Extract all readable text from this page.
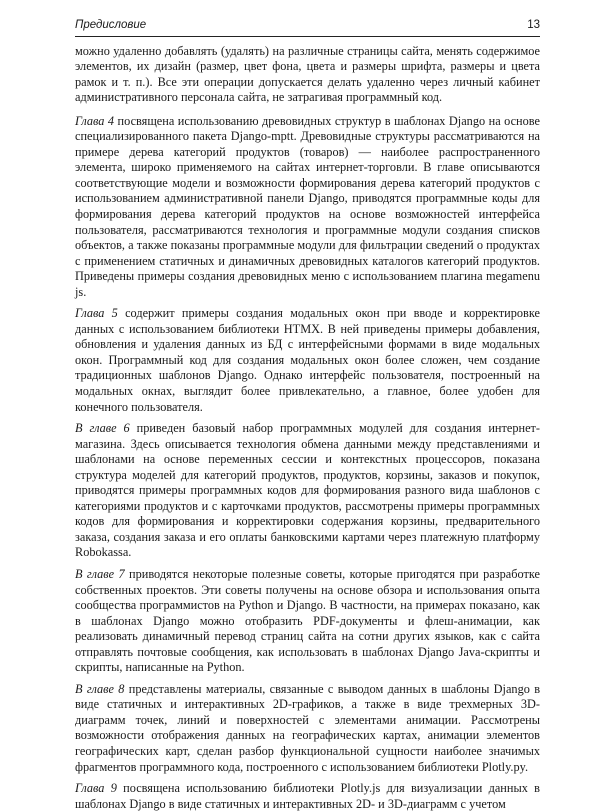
Предисловие	13

можно удаленно добавлять (удалять) на различные страницы сайта, менять содержимое элементов, их дизайн (размер, цвет фона, цвета и размеры шрифта, размеры и цвета рамок и т. п.). Все эти операции допускается делать удаленно через личный кабинет административного персонала сайта, не затрагивая программный код.

Глава 4 посвящена использованию древовидных структур в шаблонах Django на основе специализированного пакета Django-mptt. Древовидные структуры рассматриваются на примере дерева категорий продуктов (товаров) — наиболее распространенного элемента, широко применяемого на сайтах интернет-торговли. В главе описываются соответствующие модели и возможности формирования дерева категорий продуктов с использованием административной панели Django, приводятся программные коды для формирования дерева категорий продуктов на основе возможностей интерфейса пользователя, рассматриваются технология и программные модули создания списков объектов, а также показаны программные модули для фильтрации сведений о продуктах с применением статичных и динамичных древовидных каталогов категорий продуктов. Приведены примеры создания древовидных меню с использованием плагина megamenu js.

Глава 5 содержит примеры создания модальных окон при вводе и корректировке данных с использованием библиотеки HTMX. В ней приведены примеры добавления, обновления и удаления данных из БД с интерфейсными формами в виде модальных окон. Программный код для создания модальных окон более сложен, чем создание традиционных шаблонов Django. Однако интерфейс пользователя, построенный на модальных окнах, выглядит более привлекательно, а главное, более удобен для конечного пользователя.

В главе 6 приведен базовый набор программных модулей для создания интернет-магазина. Здесь описывается технология обмена данными между представлениями и шаблонами на основе переменных сессии и контекстных процессоров, показана структура моделей для категорий продуктов, продуктов, корзины, заказов и покупок, приводятся примеры программных кодов для формирования разного вида шаблонов с категориями продуктов и с карточками продуктов, рассмотрены примеры программных кодов для формирования и корректировки содержания корзины, предварительного заказа, создания заказа и его оплаты банковскими картами через платежную платформу Robokassa.

В главе 7 приводятся некоторые полезные советы, которые пригодятся при разработке собственных проектов. Эти советы получены на основе обзора и использования опыта сообщества программистов на Python и Django. В частности, на примерах показано, как в шаблонах Django можно отобразить PDF-документы и флеш-анимации, как реализовать динамичный перевод страниц сайта на сотни других языков, как с сайта отправлять почтовые сообщения, как использовать в шаблонах Django Java-скрипты и скрипты, написанные на Python.

В главе 8 представлены материалы, связанные с выводом данных в шаблоны Django в виде статичных и интерактивных 2D-графиков, а также в виде трехмерных 3D-диаграмм точек, линий и поверхностей с элементами анимации. Рассмотрены возможности отображения данных на географических картах, анимации элементов географических карт, сделан разбор функциональной сущности наиболее значимых фрагментов программного кода, построенного с использованием библиотеки Plotly.py.

Глава 9 посвящена использованию библиотеки Plotly.js для визуализации данных в шаблонах Django в виде статичных и интерактивных 2D- и 3D-диаграмм с учетом
